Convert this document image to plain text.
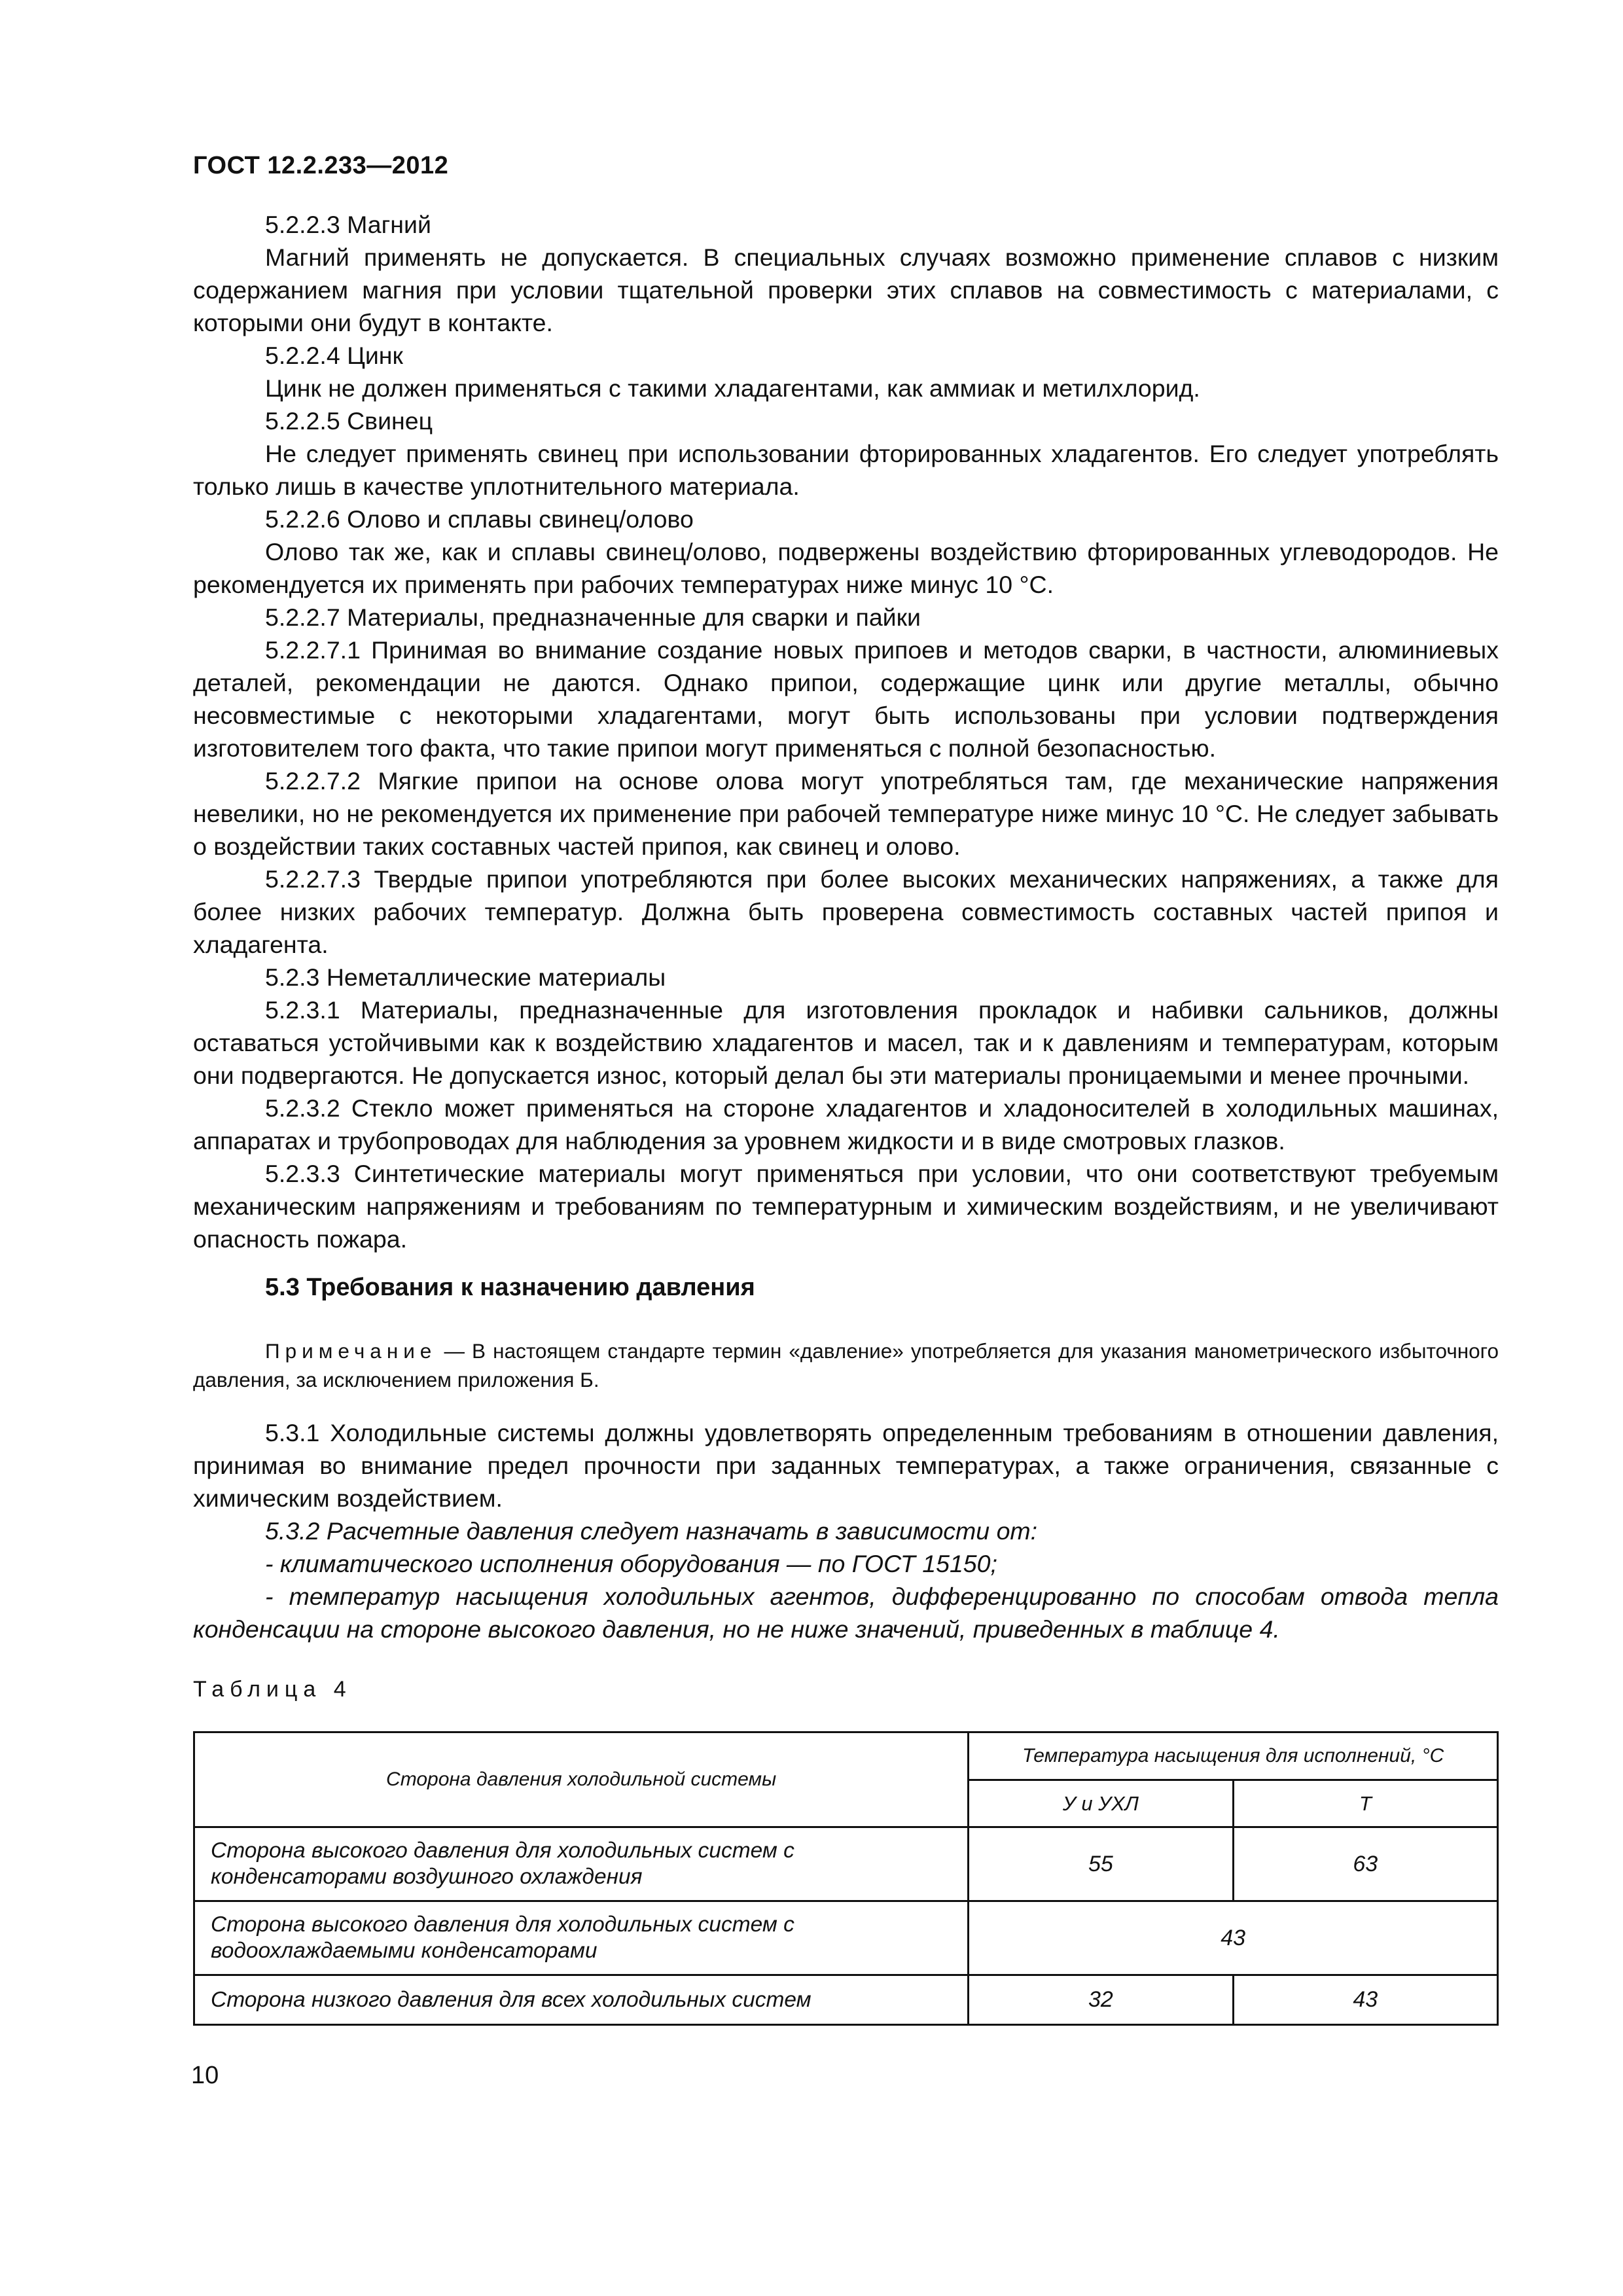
ГОСТ 12.2.233—2012

5.2.2.3 Магний

Магний применять не допускается. В специальных случаях возможно применение сплавов с низким содержанием магния при условии тщательной проверки этих сплавов на совместимость с материалами, с которыми они будут в контакте.

5.2.2.4 Цинк

Цинк не должен применяться с такими хладагентами, как аммиак и метилхлорид.

5.2.2.5 Свинец

Не следует применять свинец при использовании фторированных хладагентов. Его следует употреблять только лишь в качестве уплотнительного материала.

5.2.2.6 Олово и сплавы свинец/олово

Олово так же, как и сплавы свинец/олово, подвержены воздействию фторированных углеводородов. Не рекомендуется их применять при рабочих температурах ниже минус 10 °С.

5.2.2.7 Материалы, предназначенные для сварки и пайки

5.2.2.7.1 Принимая во внимание создание новых припоев и методов сварки, в частности, алюминиевых деталей, рекомендации не даются. Однако припои, содержащие цинк или другие металлы, обычно несовместимые с некоторыми хладагентами, могут быть использованы при условии подтверждения изготовителем того факта, что такие припои могут применяться с полной безопасностью.

5.2.2.7.2 Мягкие припои на основе олова могут употребляться там, где механические напряжения невелики, но не рекомендуется их применение при рабочей температуре ниже минус 10 °С. Не следует забывать о воздействии таких составных частей припоя, как свинец и олово.

5.2.2.7.3 Твердые припои употребляются при более высоких механических напряжениях, а также для более низких рабочих температур. Должна быть проверена совместимость составных частей припоя и хладагента.

5.2.3 Неметаллические материалы

5.2.3.1 Материалы, предназначенные для изготовления прокладок и набивки сальников, должны оставаться устойчивыми как к воздействию хладагентов и масел, так и к давлениям и температурам, которым они подвергаются. Не допускается износ, который делал бы эти материалы проницаемыми и менее прочными.

5.2.3.2 Стекло может применяться на стороне хладагентов и хладоносителей в холодильных машинах, аппаратах и трубопроводах для наблюдения за уровнем жидкости и в виде смотровых глазков.

5.2.3.3 Синтетические материалы могут применяться при условии, что они соответствуют требуемым механическим напряжениям и требованиям по температурным и химическим воздействиям, и не увеличивают опасность пожара.

5.3 Требования к назначению давления

Примечание — В настоящем стандарте термин «давление» употребляется для указания манометрического избыточного давления, за исключением приложения Б.

5.3.1 Холодильные системы должны удовлетворять определенным требованиям в отношении давления, принимая во внимание предел прочности при заданных температурах, а также ограничения, связанные с химическим воздействием.

5.3.2 Расчетные давления следует назначать в зависимости от:

- климатического исполнения оборудования — по ГОСТ 15150;

- температур насыщения холодильных агентов, дифференцированно по способам отвода тепла конденсации на стороне высокого давления, но не ниже значений, приведенных в таблице 4.

Таблица 4

Сторона давления холодильной системы	Температура насыщения для исполнений, °С	
	У и УХЛ	Т
Сторона высокого давления для холодильных систем с конденсаторами воздушного охлаждения	55	63
Сторона высокого давления для холодильных систем с водоохлаждаемыми конденсаторами	43	
Сторона низкого давления для всех холодильных систем	32	43
10
